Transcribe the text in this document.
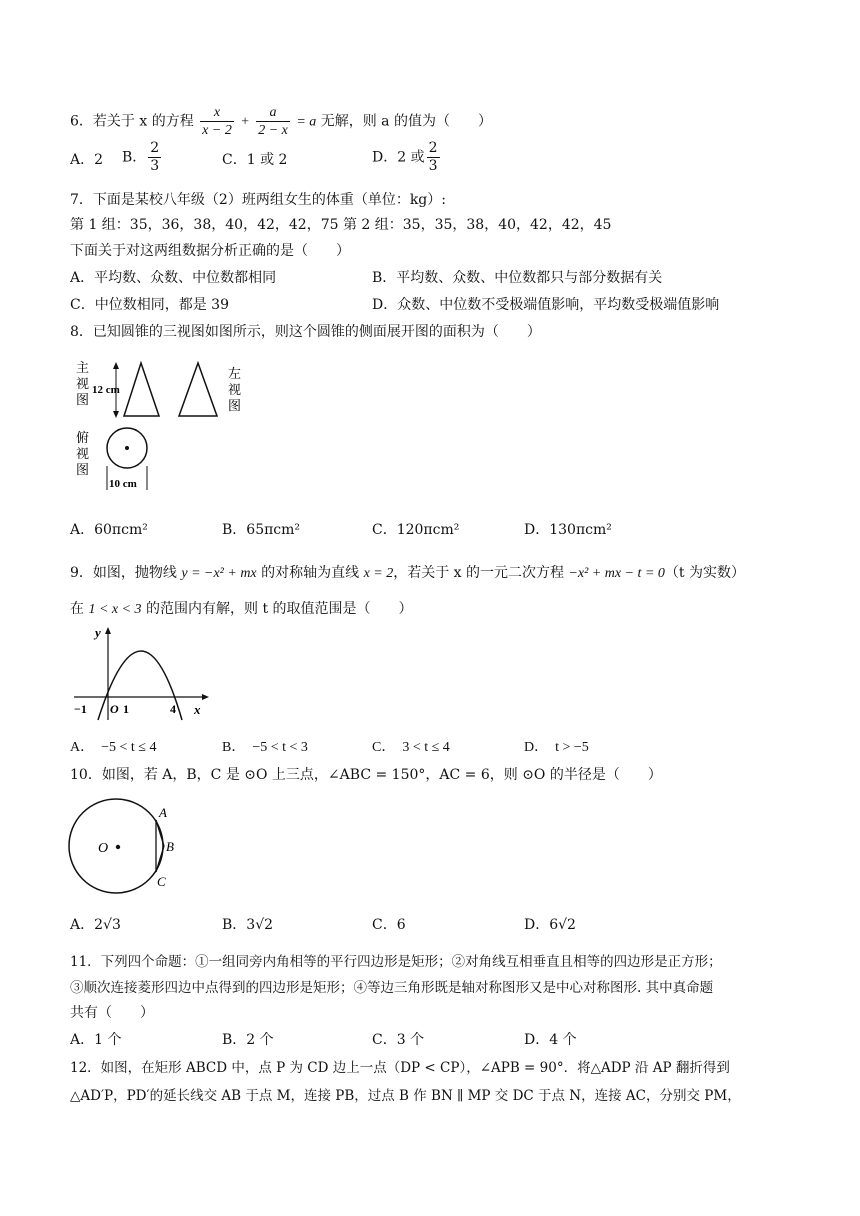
6．若关于 x 的方程 $\frac{x}{x - 2} + \frac{a}{2 - x} = a$ 无解，则 a 的值为（　　）
A．2 B． $\frac{2}{3}$	C．1 或 2	D．2 或 $\frac{2}{3}$
7．下面是某校八年级（2）班两组女生的体重（单位：kg）:
第 1 组：35，36，38，40，42，42，75 第 2 组：35，35，38，40，42，42，45
下面关于对这两组数据分析正确的是（　　）
A．平均数、众数、中位数都相同	B．平均数、众数、中位数都只与部分数据有关
C．中位数相同，都是 39	D．众数、中位数不受极端值影响，平均数受极端值影响
8．已知圆锥的三视图如图所示，则这个圆锥的侧面展开图的面积为（　　）
主
视
图
12 cm
左
视
图
俯
视
图
10 cm
A．60πcm²	B．65πcm²	C．120πcm²	D．130πcm²
9．如图，抛物线 y = −x² + mx 的对称轴为直线 x = 2，若关于 x 的一元二次方程 −x² + mx − t = 0（t 为实数）
在 1 < x < 3 的范围内有解，则 t 的取值范围是（　　）
y
x
−1 O 1	4
A．　−5 < t ≤ 4	B．　−5 < t < 3	C．　3 < t ≤ 4	D．　t > −5
10．如图，若 A，B，C 是 ⊙O 上三点，∠ABC = 150°，AC = 6，则 ⊙O 的半径是（　　）
O
A
B
C
A．2√3	B．3√2	C．6	D．6√2
11．下列四个命题：①一组同旁内角相等的平行四边形是矩形；②对角线互相垂直且相等的四边形是正方形；
③顺次连接菱形四边中点得到的四边形是矩形；④等边三角形既是轴对称图形又是中心对称图形. 其中真命题
共有（　　）
A．1 个	B．2 个	C．3 个	D．4 个
12．如图，在矩形 ABCD 中，点 P 为 CD 边上一点（DP < CP），∠APB = 90°．将△ADP 沿 AP 翻折得到
△AD′P，PD′的延长线交 AB 于点 M，连接 PB，过点 B 作 BN ∥ MP 交 DC 于点 N，连接 AC，分别交 PM，
